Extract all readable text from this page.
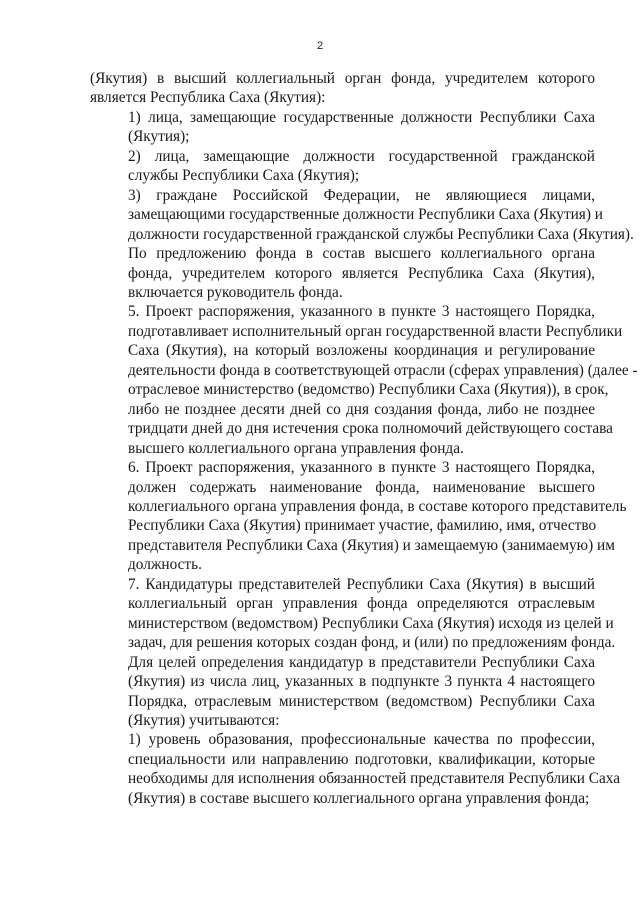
2

(Якутия) в высший коллегиальный орган фонда, учредителем которого
является Республика Саха (Якутия):

1) лица, замещающие государственные должности Республики Саха
(Якутия);

2) лица, замещающие должности государственной гражданской
службы Республики Саха (Якутия);

3) граждане Российской Федерации, не являющиеся лицами,
замещающими государственные должности Республики Саха (Якутия) и
должности государственной гражданской службы Республики Саха (Якутия).

По предложению фонда в состав высшего коллегиального органа
фонда, учредителем которого является Республика Саха (Якутия),
включается руководитель фонда.

5. Проект распоряжения, указанного в пункте 3 настоящего Порядка,
подготавливает исполнительный орган государственной власти Республики
Саха (Якутия), на который возложены координация и регулирование
деятельности фонда в соответствующей отрасли (сферах управления) (далее -
отраслевое министерство (ведомство) Республики Саха (Якутия)), в срок,
либо не позднее десяти дней со дня создания фонда, либо не позднее
тридцати дней до дня истечения срока полномочий действующего состава
высшего коллегиального органа управления фонда.

6. Проект распоряжения, указанного в пункте 3 настоящего Порядка,
должен содержать наименование фонда, наименование высшего
коллегиального органа управления фонда, в составе которого представитель
Республики Саха (Якутия) принимает участие, фамилию, имя, отчество
представителя Республики Саха (Якутия) и замещаемую (занимаемую) им
должность.

7. Кандидатуры представителей Республики Саха (Якутия) в высший
коллегиальный орган управления фонда определяются отраслевым
министерством (ведомством) Республики Саха (Якутия) исходя из целей и
задач, для решения которых создан фонд, и (или) по предложениям фонда.

Для целей определения кандидатур в представители Республики Саха
(Якутия) из числа лиц, указанных в подпункте 3 пункта 4 настоящего
Порядка, отраслевым министерством (ведомством) Республики Саха
(Якутия) учитываются:

1) уровень образования, профессиональные качества по профессии,
специальности или направлению подготовки, квалификации, которые
необходимы для исполнения обязанностей представителя Республики Саха
(Якутия) в составе высшего коллегиального органа управления фонда;
